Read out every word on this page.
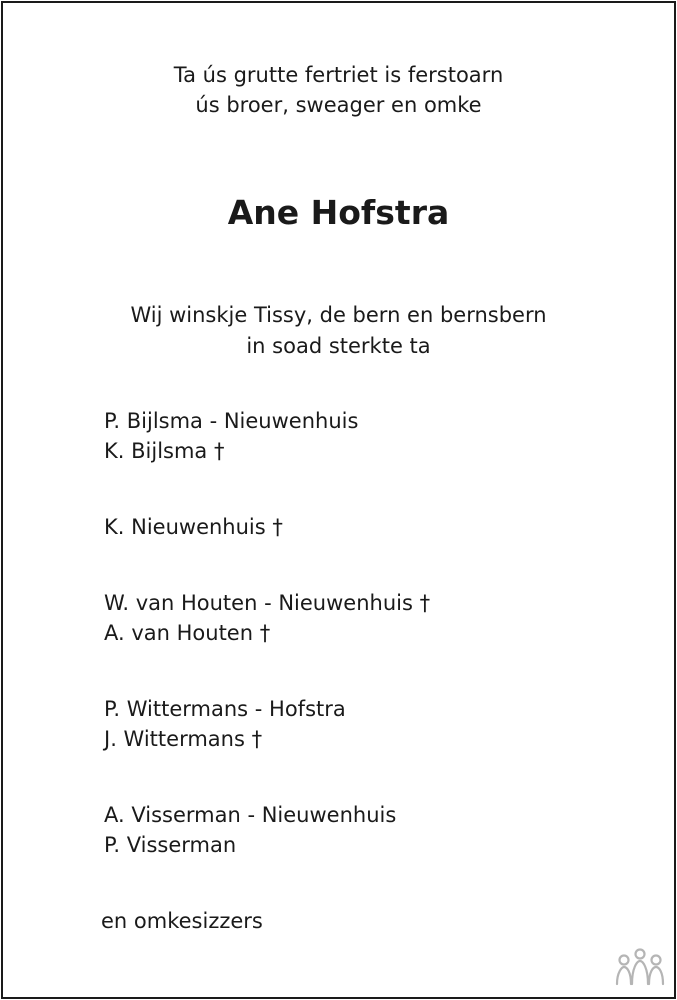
Ta ús grutte fertriet is ferstoarn
ús broer, sweager en omke
Ane Hofstra
Wij winskje Tissy, de bern en bernsbern
in soad sterkte ta
P. Bijlsma - Nieuwenhuis
K. Bijlsma †
K. Nieuwenhuis †
W. van Houten - Nieuwenhuis †
A. van Houten †
P. Wittermans - Hofstra
J. Wittermans †
A. Visserman - Nieuwenhuis
P. Visserman
en omkesizzers
